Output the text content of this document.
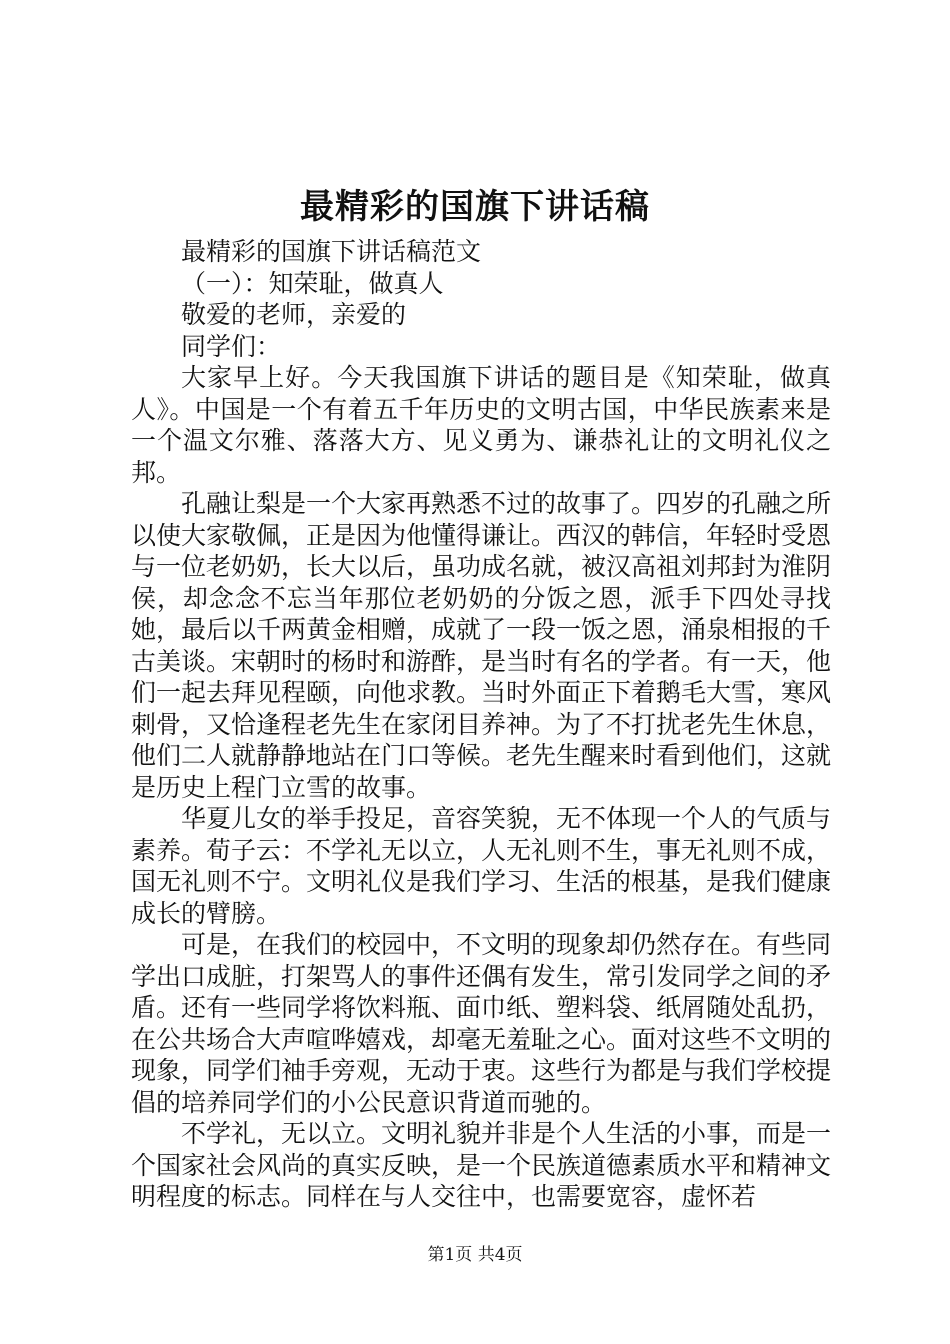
最精彩的国旗下讲话稿
最精彩的国旗下讲话稿范文
（一）：知荣耻，做真人
敬爱的老师，亲爱的
同学们：

大家早上好。今天我国旗下讲话的题目是《知荣耻，做真人》。中国是一个有着五千年历史的文明古国，中华民族素来是一个温文尔雅、落落大方、见义勇为、谦恭礼让的文明礼仪之邦。

孔融让梨是一个大家再熟悉不过的故事了。四岁的孔融之所以使大家敬佩，正是因为他懂得谦让。西汉的韩信，年轻时受恩与一位老奶奶，长大以后，虽功成名就，被汉高祖刘邦封为淮阴侯，却念念不忘当年那位老奶奶的分饭之恩，派手下四处寻找她，最后以千两黄金相赠，成就了一段一饭之恩，涌泉相报的千古美谈。宋朝时的杨时和游酢，是当时有名的学者。有一天，他们一起去拜见程颐，向他求教。当时外面正下着鹅毛大雪，寒风刺骨，又恰逢程老先生在家闭目养神。为了不打扰老先生休息，他们二人就静静地站在门口等候。老先生醒来时看到他们，这就是历史上程门立雪的故事。

华夏儿女的举手投足，音容笑貌，无不体现一个人的气质与素养。荀子云：不学礼无以立，人无礼则不生，事无礼则不成，国无礼则不宁。文明礼仪是我们学习、生活的根基，是我们健康成长的臂膀。

可是，在我们的校园中，不文明的现象却仍然存在。有些同学出口成脏，打架骂人的事件还偶有发生，常引发同学之间的矛盾。还有一些同学将饮料瓶、面巾纸、塑料袋、纸屑随处乱扔，在公共场合大声喧哗嬉戏，却毫无羞耻之心。面对这些不文明的现象，同学们袖手旁观，无动于衷。这些行为都是与我们学校提倡的培养同学们的小公民意识背道而驰的。

不学礼，无以立。文明礼貌并非是个人生活的小事，而是一个国家社会风尚的真实反映，是一个民族道德素质水平和精神文明程度的标志。同样在与人交往中，也需要宽容，虚怀若

第1页 共4页
